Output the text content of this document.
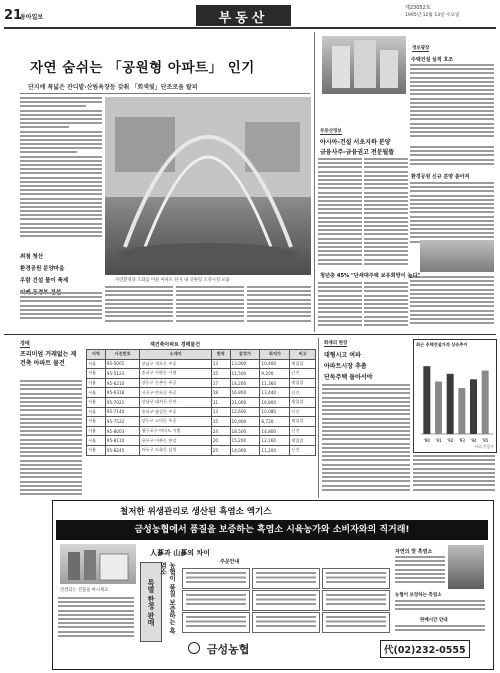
21
동아일보	부동산
제23052호
1995년 12월 13일 수요일
자연 숨쉬는 「공원형 아파트」 인기
단지에 폭넓은 잔디밭·산림욕장등 갖춰 「회색빛」단조로움 탈피
최첨 청산
환경공원 분양마을
우람 건설 물이 축제	자연환경과 조화를 이룬 아파트 단지 내 공원형 조경시설 모습
정보광장
주택건설 실적 호조
환경공원 신규 분양 쏟아져
부동산정보
아시아-건설 서초지하 분양
금융사주-금융권고 전문될뜰
청년층 45% "단세대주택 보유희망이 높다"
경매
프리미엄 거래없는 재건축 아파트 물건
재건축아파트 경매물건
지역	사건번호	소재지	면적	감정가	최저가	비고
서울	95-5001	강남구 개포동 주공	13	13,000	10,400	재입찰
서울	95-5123	송파구 가락동 시영	15	11,500	9,200	신건
서울	95-6210	강동구 둔촌동 주공	17	14,200	11,360	재입찰
서울	95-6318	서초구 반포동 주공	18	16,800	13,440	신건
서울	95-7021	강남구 대치동 은마	31	21,000	16,800	재입찰
서울	95-7140	송파구 잠실동 주공	13	12,600	10,080	신건
서울	95-7522	강동구 고덕동 주공	15	10,900	8,720	재입찰
서울	95-8003	영등포구 여의도 시범	24	18,500	14,800	신건
서울	95-8110	용산구 이촌동 한강	20	15,200	12,160	재입찰
서울	95-8245	마포구 도화동 삼성	25	14,000	11,200	신건
화제의 현장
대형시고 여파
아파트시장 추춤
단독주택 돌아서야
최근 주택건설가격 상승추이
'90 '91 '92 '93 '94 '95
자료:건설부
철저한 위생관리로 생산된 흑염소 엑기스
금성농협에서 품질을 보증하는 흑염소 시육농가와 소비자와의 직거래!
人蔘과 山蔘의 차이
연결되는 진품을 마시세요	특별 한정 판매	농협이 품질 보증하는 흑염소	주문안내
금성농협	代(02)232-0555
자연의 맛 흑염소
농협이 보장하는 흑염소
판매시간 안내
